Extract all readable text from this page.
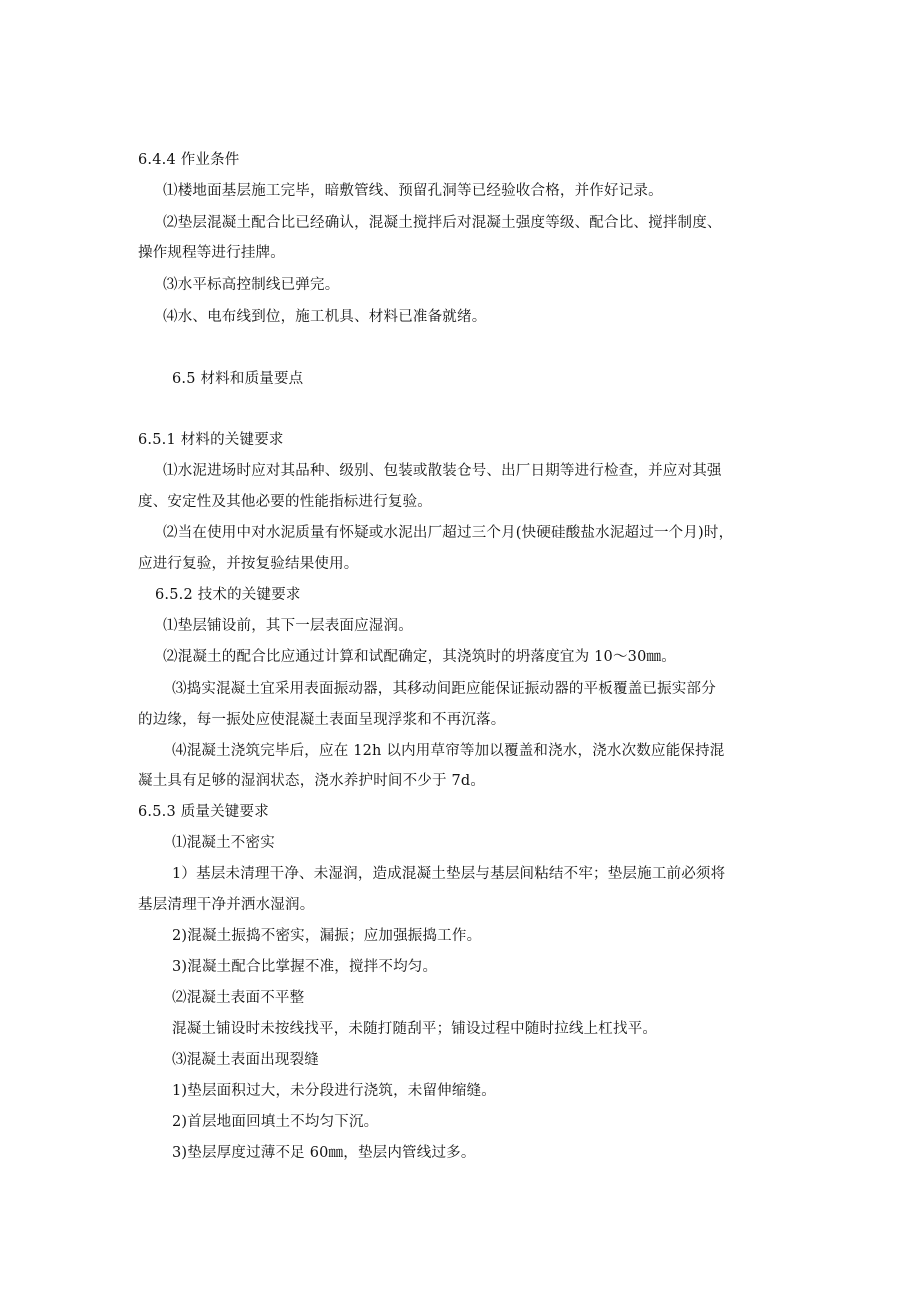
6.4.4 作业条件

⑴楼地面基层施工完毕，暗敷管线、预留孔洞等已经验收合格，并作好记录。

⑵垫层混凝土配合比已经确认，混凝土搅拌后对混凝土强度等级、配合比、搅拌制度、

操作规程等进行挂牌。

⑶水平标高控制线已弹完。

⑷水、电布线到位，施工机具、材料已准备就绪。

6.5 材料和质量要点

6.5.1 材料的关键要求

⑴水泥进场时应对其品种、级别、包装或散装仓号、出厂日期等进行检查，并应对其强

度、安定性及其他必要的性能指标进行复验。

⑵当在使用中对水泥质量有怀疑或水泥出厂超过三个月(快硬硅酸盐水泥超过一个月)时，

应进行复验，并按复验结果使用。

6.5.2 技术的关键要求

⑴垫层铺设前，其下一层表面应湿润。

⑵混凝土的配合比应通过计算和试配确定，其浇筑时的坍落度宜为 10～30㎜。

⑶捣实混凝土宜采用表面振动器，其移动间距应能保证振动器的平板覆盖已振实部分

的边缘，每一振处应使混凝土表面呈现浮浆和不再沉落。

⑷混凝土浇筑完毕后，应在 12h 以内用草帘等加以覆盖和浇水，浇水次数应能保持混

凝土具有足够的湿润状态，浇水养护时间不少于 7d。

6.5.3 质量关键要求

⑴混凝土不密实

1）基层未清理干净、未湿润，造成混凝土垫层与基层间粘结不牢；垫层施工前必须将

基层清理干净并洒水湿润。

2)混凝土振捣不密实，漏振；应加强振捣工作。

3)混凝土配合比掌握不准，搅拌不均匀。

⑵混凝土表面不平整

混凝土铺设时未按线找平，未随打随刮平；铺设过程中随时拉线上杠找平。

⑶混凝土表面出现裂缝

1)垫层面积过大，未分段进行浇筑，未留伸缩缝。

2)首层地面回填土不均匀下沉。

3)垫层厚度过薄不足 60㎜，垫层内管线过多。
